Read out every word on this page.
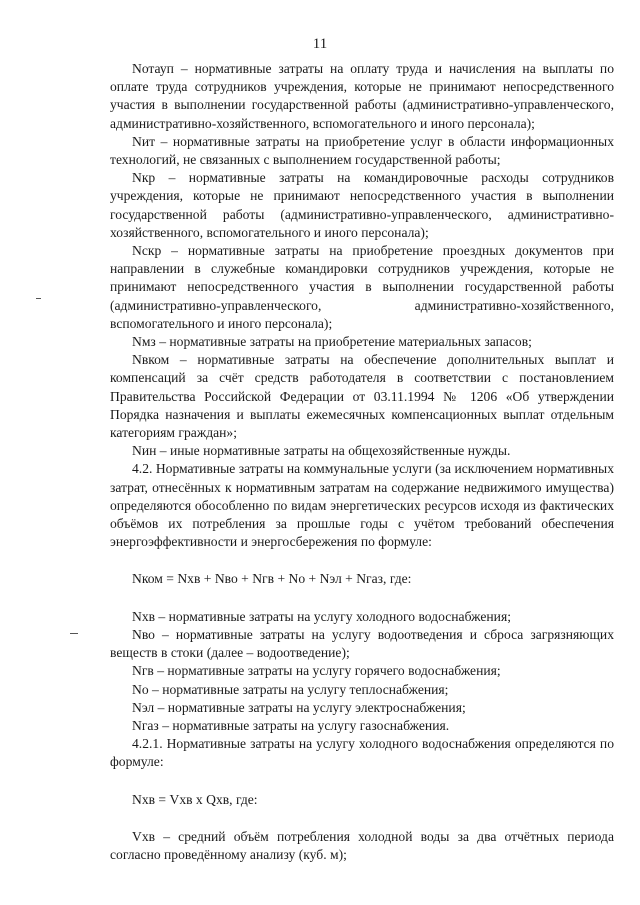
11

Nотауп – нормативные затраты на оплату труда и начисления на выплаты по оплате труда сотрудников учреждения, которые не принимают непосредственного участия в выполнении государственной работы (административно-управленческого, административно-хозяйственного, вспомогательного и иного персонала);

Nит – нормативные затраты на приобретение услуг в области информационных технологий, не связанных с выполнением государственной работы;

Nкр – нормативные затраты на командировочные расходы сотрудников учреждения, которые не принимают непосредственного участия в выполнении государственной работы (административно-управленческого, административно-хозяйственного, вспомогательного и иного персонала);

Nскр – нормативные затраты на приобретение проездных документов при направлении в служебные командировки сотрудников учреждения, которые не принимают непосредственного участия в выполнении государственной работы (административно-управленческого, административно-хозяйственного, вспомогательного и иного персонала);

Nмз – нормативные затраты на приобретение материальных запасов;

Nвком – нормативные затраты на обеспечение дополнительных выплат и компенсаций за счёт средств работодателя в соответствии с постановлением Правительства Российской Федерации от 03.11.1994 № 1206 «Об утверждении Порядка назначения и выплаты ежемесячных компенсационных выплат отдельным категориям граждан»;

Nин – иные нормативные затраты на общехозяйственные нужды.

4.2. Нормативные затраты на коммунальные услуги (за исключением нормативных затрат, отнесённых к нормативным затратам на содержание недвижимого имущества) определяются обособленно по видам энергетических ресурсов исходя из фактических объёмов их потребления за прошлые годы с учётом требований обеспечения энергоэффективности и энергосбережения по формуле:

Nком = Nхв + Nво + Nгв + Nо + Nэл + Nгаз, где:

Nхв – нормативные затраты на услугу холодного водоснабжения;

Nво – нормативные затраты на услугу водоотведения и сброса загрязняющих веществ в стоки (далее – водоотведение);

Nгв – нормативные затраты на услугу горячего водоснабжения;

Nо – нормативные затраты на услугу теплоснабжения;

Nэл – нормативные затраты на услугу электроснабжения;

Nгаз – нормативные затраты на услугу газоснабжения.

4.2.1. Нормативные затраты на услугу холодного водоснабжения определяются по формуле:

Nхв = Vхв х Qхв, где:

Vхв – средний объём потребления холодной воды за два отчётных периода согласно проведённому анализу (куб. м);
